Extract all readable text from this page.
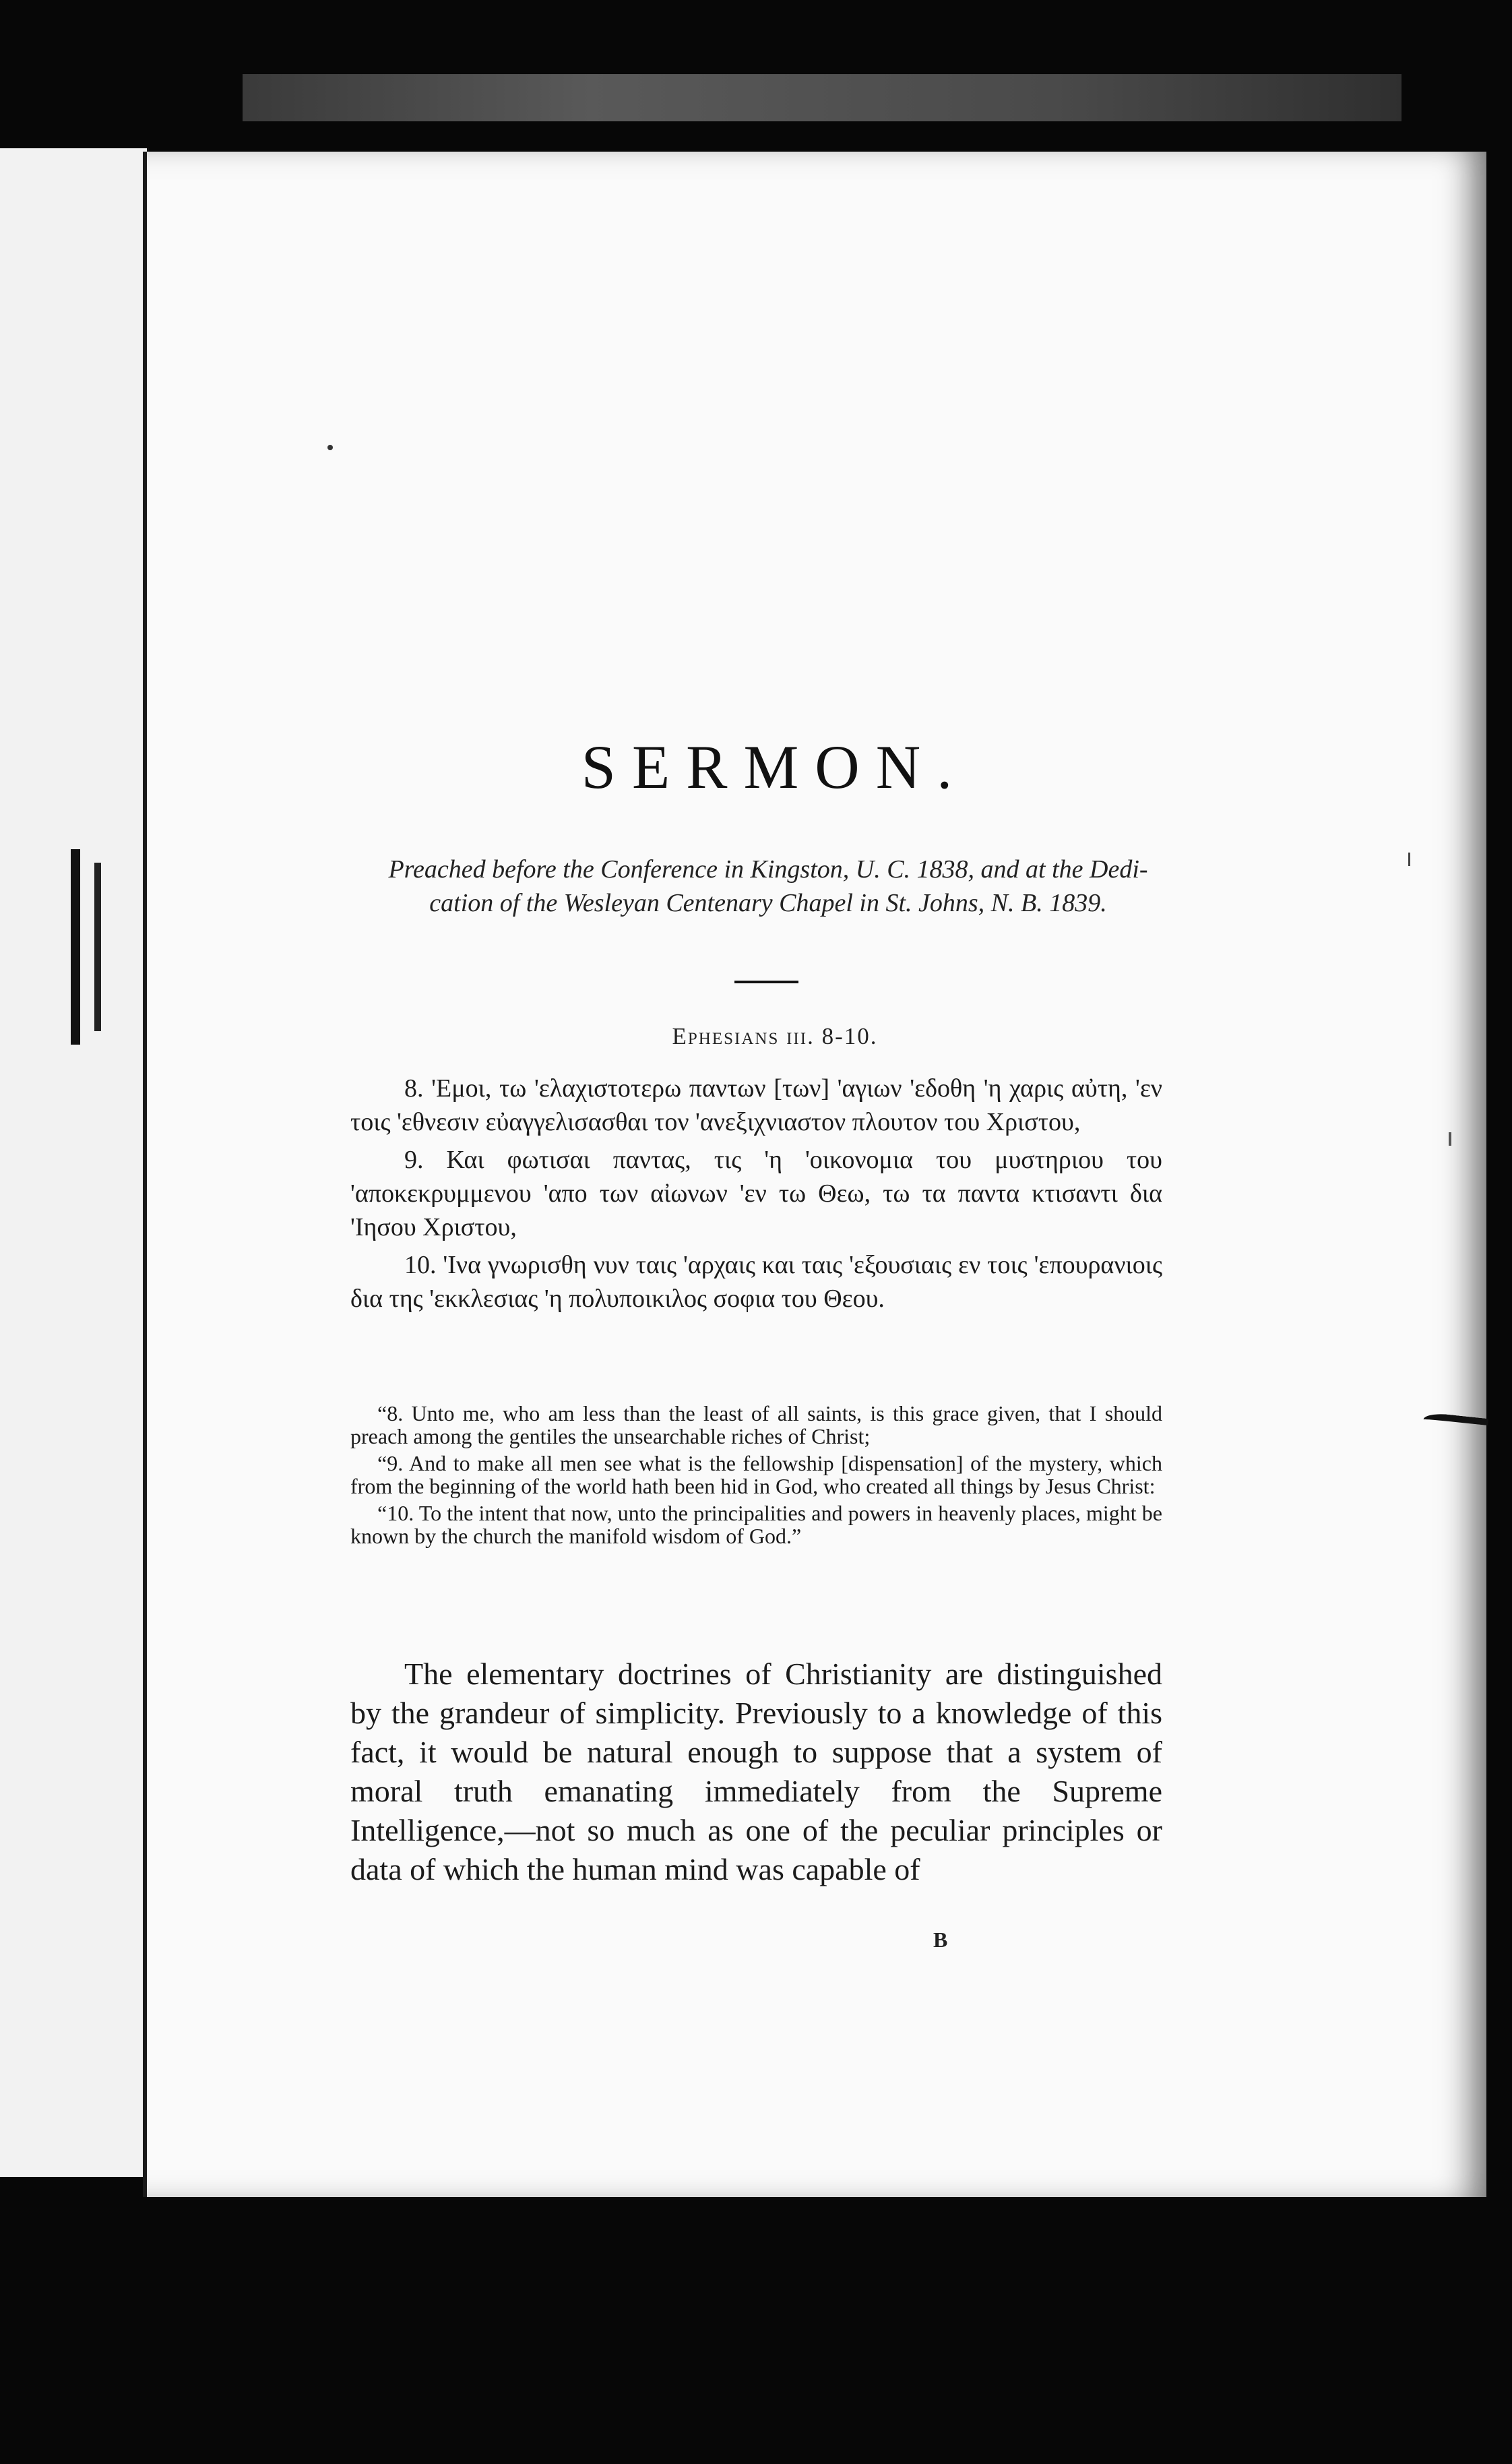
SERMON.
Preached before the Conference in Kingston, U. C. 1838, and at the Dedi-
cation of the Wesleyan Centenary Chapel in St. Johns, N. B. 1839.
Ephesians iii. 8-10.

8. 'Εμοι, τω 'ελαχιστοτερω παντων [των] 'αγιων 'εδοθη 'η χαρις αὐτη, 'εν τοις 'εθνεσιν εὐαγγελισασθαι τον 'ανεξιχνιαστον πλουτον του Χριστου,

9. Και φωτισαι παντας, τις 'η 'οικονομια του μυστηριου του 'αποκεκρυμμενου 'απο των αἰωνων 'εν τω Θεω, τω τα παντα κτισαντι δια 'Ιησου Χριστου,

10. 'Ινα γνωρισθη νυν ταις 'αρχαις και ταις 'εξουσιαις εν τοις 'επουρανιοις δια της 'εκκλεσιας 'η πολυποικιλος σοφια του Θεου.

“8. Unto me, who am less than the least of all saints, is this grace given, that I should preach among the gentiles the unsearchable riches of Christ;

“9. And to make all men see what is the fellowship [dispensation] of the mystery, which from the beginning of the world hath been hid in God, who created all things by Jesus Christ:

“10. To the intent that now, unto the principalities and powers in heavenly places, might be known by the church the manifold wisdom of God.”

The elementary doctrines of Christianity are distinguished by the grandeur of simplicity. Previously to a knowledge of this fact, it would be natural enough to suppose that a system of moral truth emanating immediately from the Supreme Intelligence,—not so much as one of the peculiar principles or data of which the human mind was capable of

B
